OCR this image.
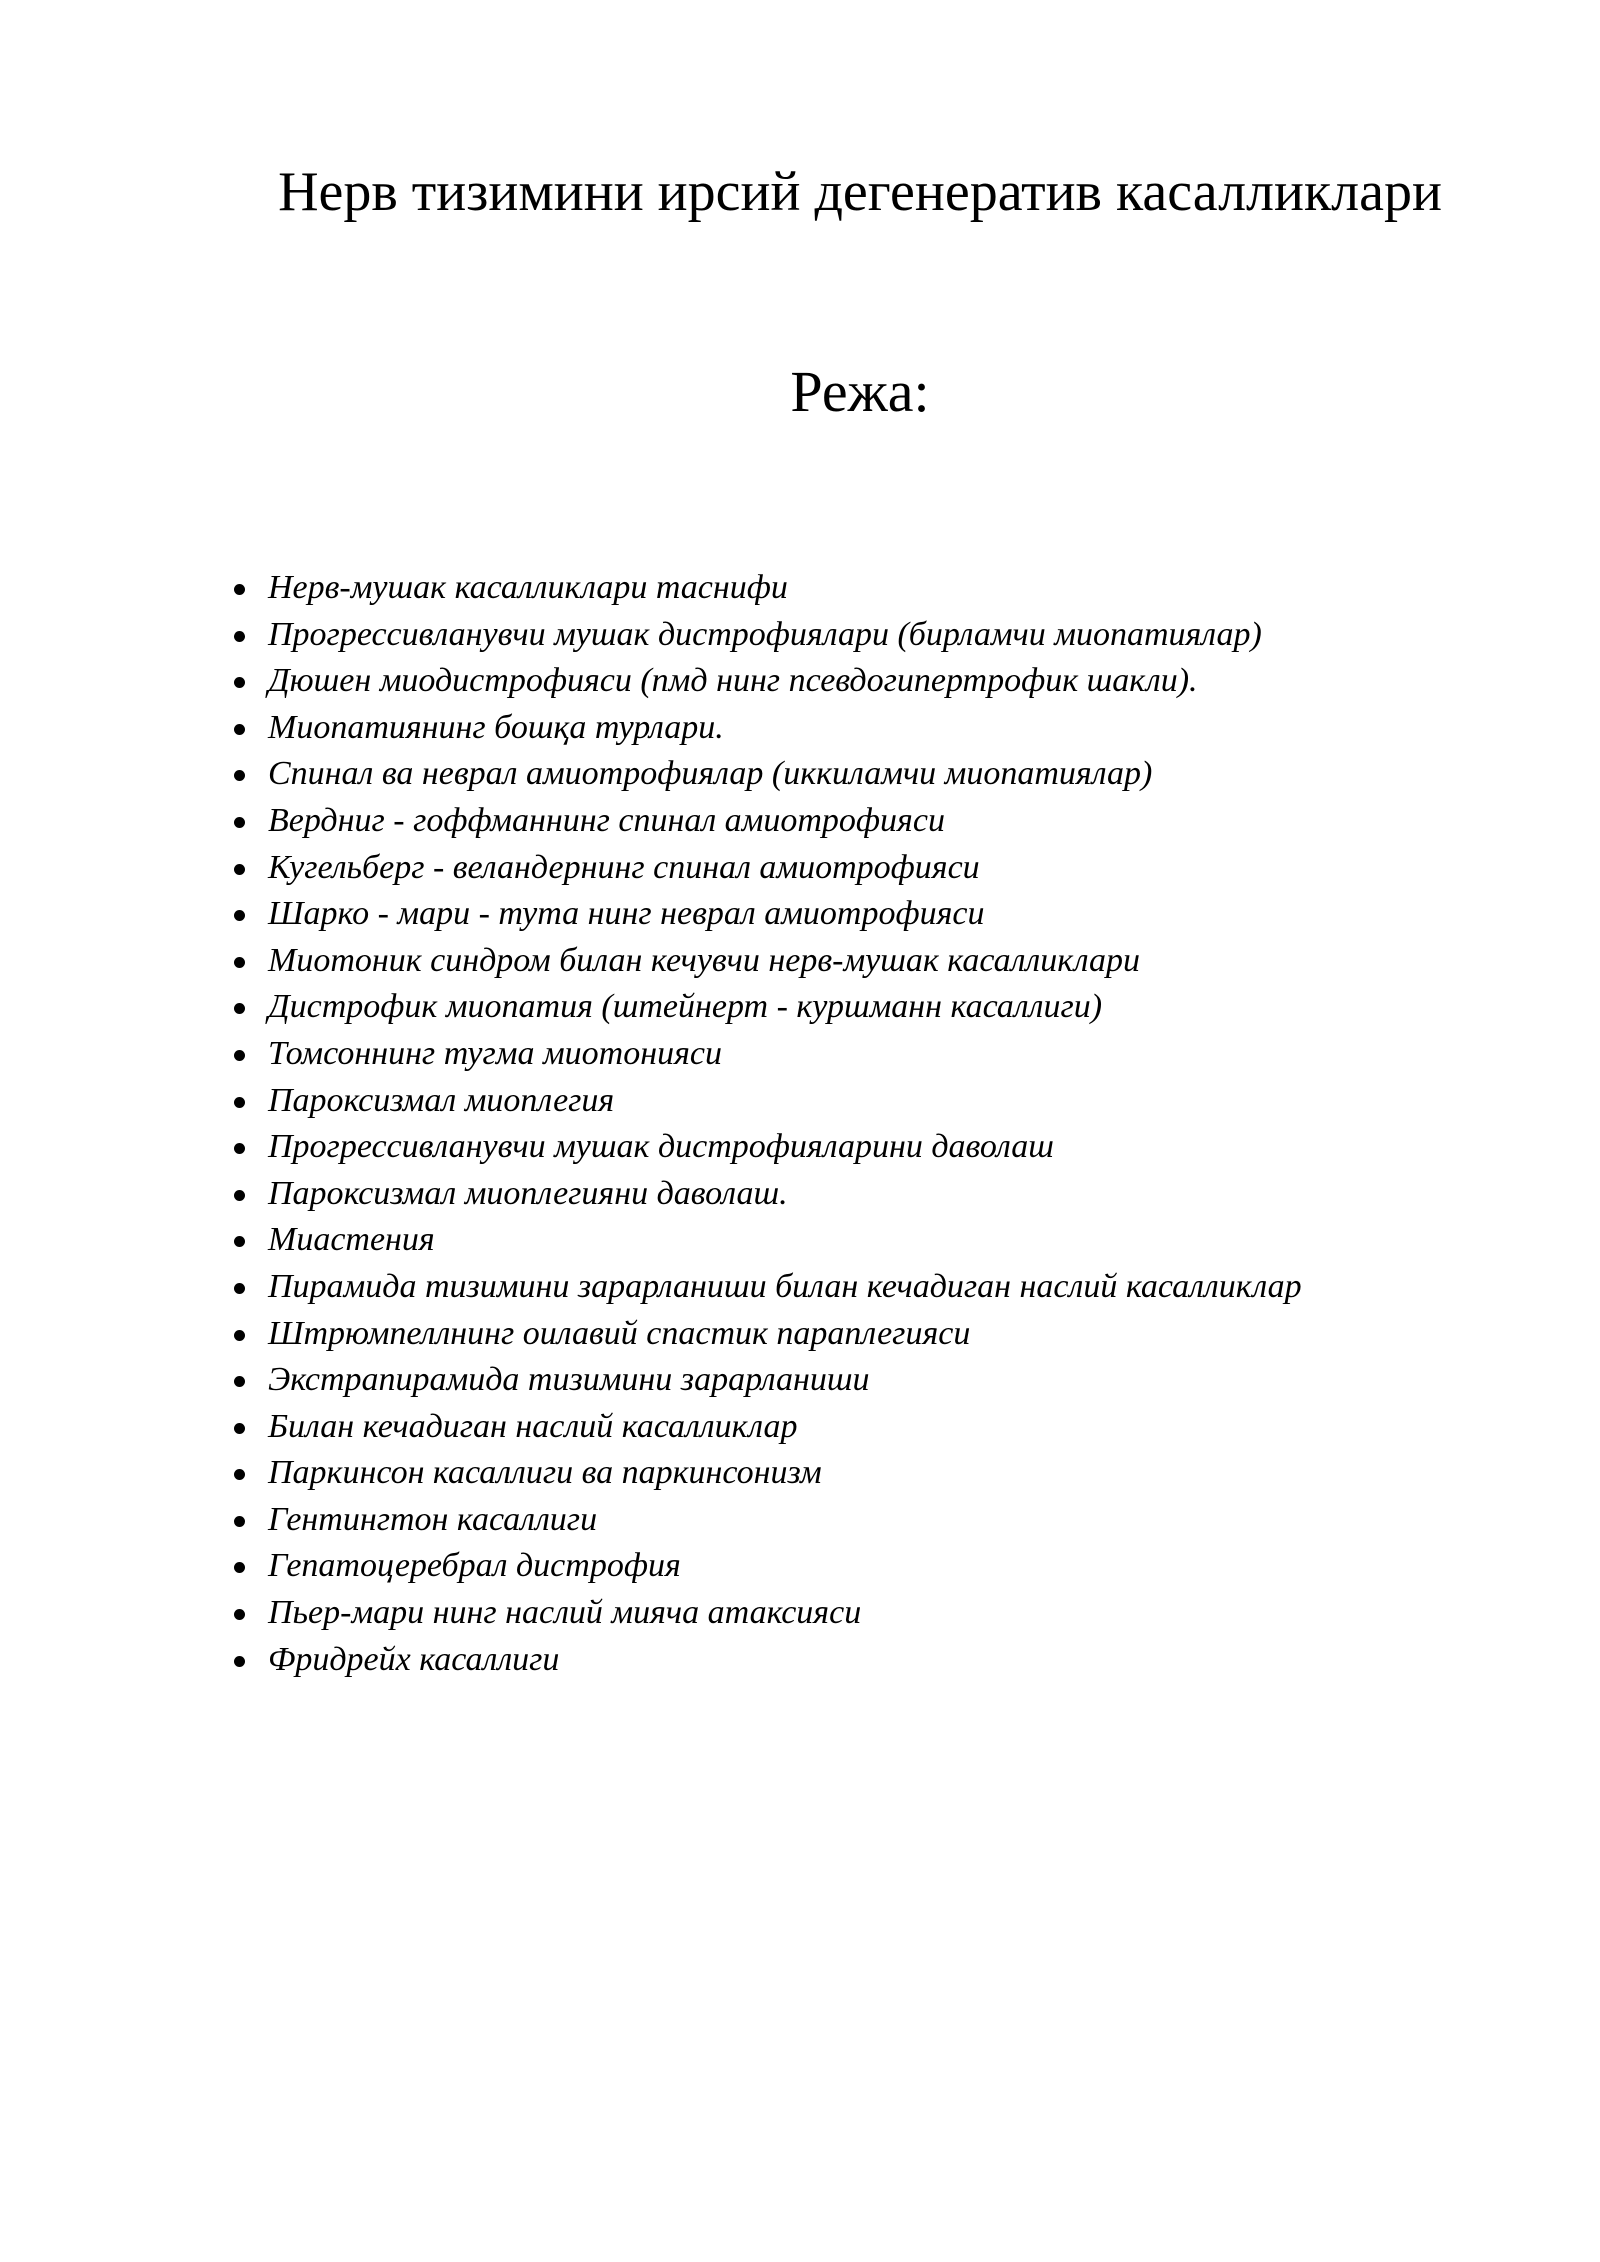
Нерв тизимини ирсий дегенератив касалликлари
Режа:
Нерв-мушак касалликлари таснифи
Прогрессивланувчи мушак дистрофиялари (бирламчи миопатиялар)
Дюшен миодистрофияси (пмд нинг псевдогипертрофик шакли).
Миопатиянинг бошқа турлари.
Спинал ва неврал амиотрофиялар (иккиламчи миопатиялар)
Вердниг - гоффманнинг спинал амиотрофияси
Кугельберг - веландернинг спинал амиотрофияси
Шарко - мари - тута нинг неврал амиотрофияси
Миотоник синдром билан кечувчи нерв-мушак касалликлари
Дистрофик миопатия (штейнерт - куршманн касаллиги)
Томсоннинг тугма миотонияси
Пароксизмал миоплегия
Прогрессивланувчи мушак дистрофияларини даволаш
Пароксизмал миоплегияни даволаш.
Миастения
Пирамида тизимини зарарланиши билан кечадиган наслий касалликлар
Штрюмпеллнинг оилавий спастик параплегияси
Экстрапирамида тизимини зарарланиши
Билан кечадиган наслий касалликлар
Паркинсон касаллиги ва паркинсонизм
Гентингтон касаллиги
Гепатоцеребрал дистрофия
Пьер-мари нинг наслий мияча атаксияси
Фридрейх касаллиги
